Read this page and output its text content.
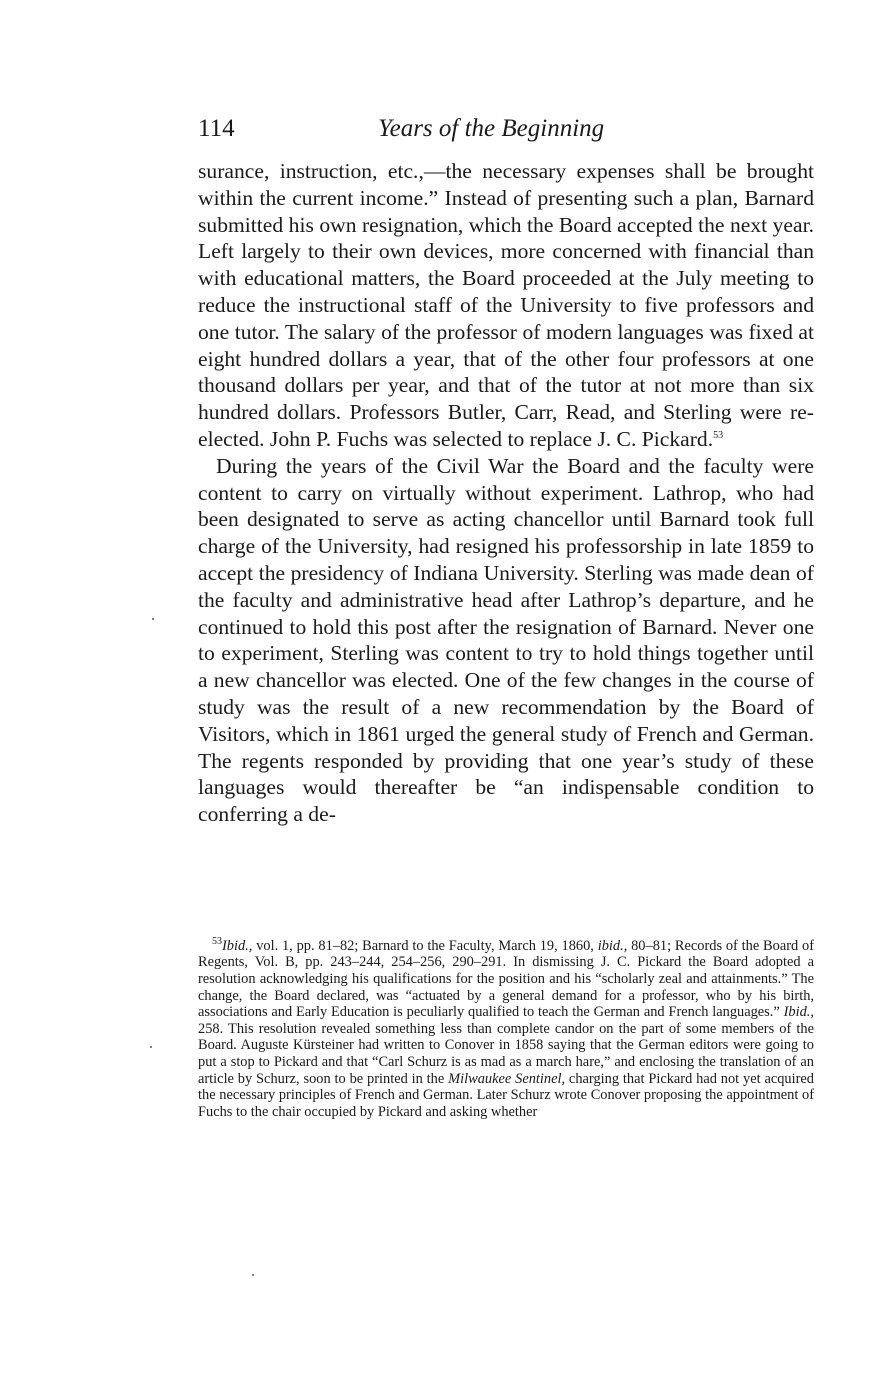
114	Years of the Beginning

surance, instruction, etc.,—the necessary expenses shall be brought within the current income.” Instead of presenting such a plan, Barnard submitted his own resignation, which the Board accepted the next year. Left largely to their own devices, more concerned with financial than with educational matters, the Board proceeded at the July meeting to reduce the instructional staff of the University to five professors and one tutor. The salary of the professor of modern languages was fixed at eight hundred dollars a year, that of the other four professors at one thousand dollars per year, and that of the tutor at not more than six hundred dollars. Professors Butler, Carr, Read, and Sterling were re-elected. John P. Fuchs was selected to replace J. C. Pickard.$^{53}$

During the years of the Civil War the Board and the faculty were content to carry on virtually without experiment. Lathrop, who had been designated to serve as acting chancellor until Barnard took full charge of the University, had resigned his professorship in late 1859 to accept the presidency of Indiana University. Sterling was made dean of the faculty and administrative head after Lathrop’s departure, and he continued to hold this post after the resignation of Barnard. Never one to experiment, Sterling was content to try to hold things together until a new chancellor was elected. One of the few changes in the course of study was the result of a new recommendation by the Board of Visitors, which in 1861 urged the general study of French and German. The regents responded by providing that one year’s study of these languages would thereafter be “an indispensable condition to conferring a de-

$^{53}$Ibid., vol. 1, pp. 81–82; Barnard to the Faculty, March 19, 1860, ibid., 80–81; Records of the Board of Regents, Vol. B, pp. 243–244, 254–256, 290–291. In dismissing J. C. Pickard the Board adopted a resolution acknowledging his qualifications for the position and his “scholarly zeal and attainments.” The change, the Board declared, was “actuated by a general demand for a professor, who by his birth, associations and Early Education is peculiarly qualified to teach the German and French languages.” Ibid., 258. This resolution revealed something less than complete candor on the part of some members of the Board. Auguste Kürsteiner had written to Conover in 1858 saying that the German editors were going to put a stop to Pickard and that “Carl Schurz is as mad as a march hare,” and enclosing the translation of an article by Schurz, soon to be printed in the Milwaukee Sentinel, charging that Pickard had not yet acquired the necessary principles of French and German. Later Schurz wrote Conover proposing the appointment of Fuchs to the chair occupied by Pickard and asking whether
